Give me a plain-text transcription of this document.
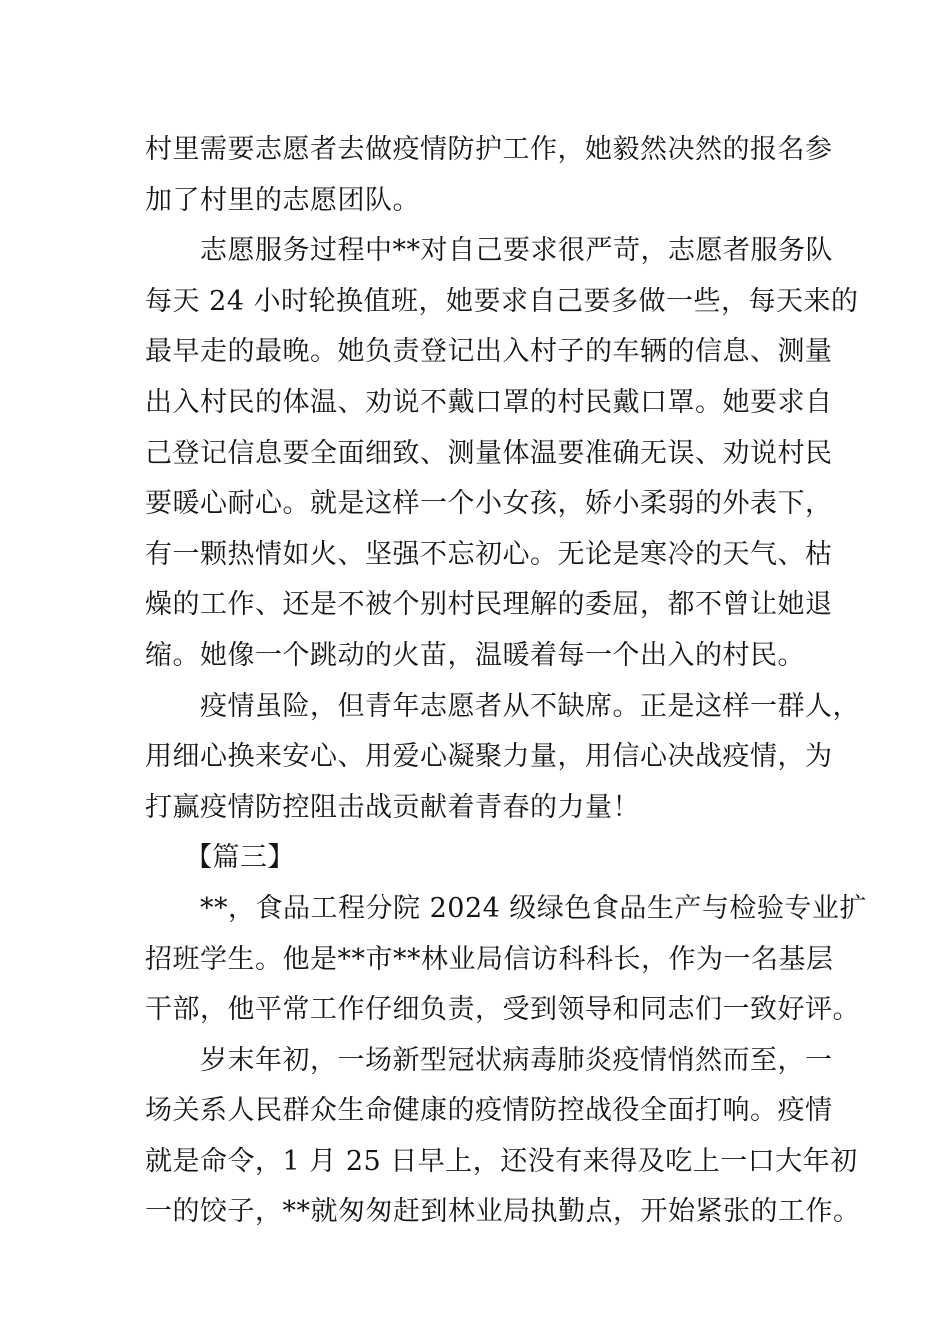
村里需要志愿者去做疫情防护工作，她毅然决然的报名参
加了村里的志愿团队。
志愿服务过程中**对自己要求很严苛，志愿者服务队
每天 24 小时轮换值班，她要求自己要多做一些，每天来的
最早走的最晚。她负责登记出入村子的车辆的信息、测量
出入村民的体温、劝说不戴口罩的村民戴口罩。她要求自
己登记信息要全面细致、测量体温要准确无误、劝说村民
要暖心耐心。就是这样一个小女孩，娇小柔弱的外表下，
有一颗热情如火、坚强不忘初心。无论是寒冷的天气、枯
燥的工作、还是不被个别村民理解的委屈，都不曾让她退
缩。她像一个跳动的火苗，温暖着每一个出入的村民。
疫情虽险，但青年志愿者从不缺席。正是这样一群人，
用细心换来安心、用爱心凝聚力量，用信心决战疫情，为
打赢疫情防控阻击战贡献着青春的力量！
【篇三】
**，食品工程分院 2024 级绿色食品生产与检验专业扩
招班学生。他是**市**林业局信访科科长，作为一名基层
干部，他平常工作仔细负责，受到领导和同志们一致好评。
岁末年初，一场新型冠状病毒肺炎疫情悄然而至，一
场关系人民群众生命健康的疫情防控战役全面打响。疫情
就是命令，1 月 25 日早上，还没有来得及吃上一口大年初
一的饺子，**就匆匆赶到林业局执勤点，开始紧张的工作。
